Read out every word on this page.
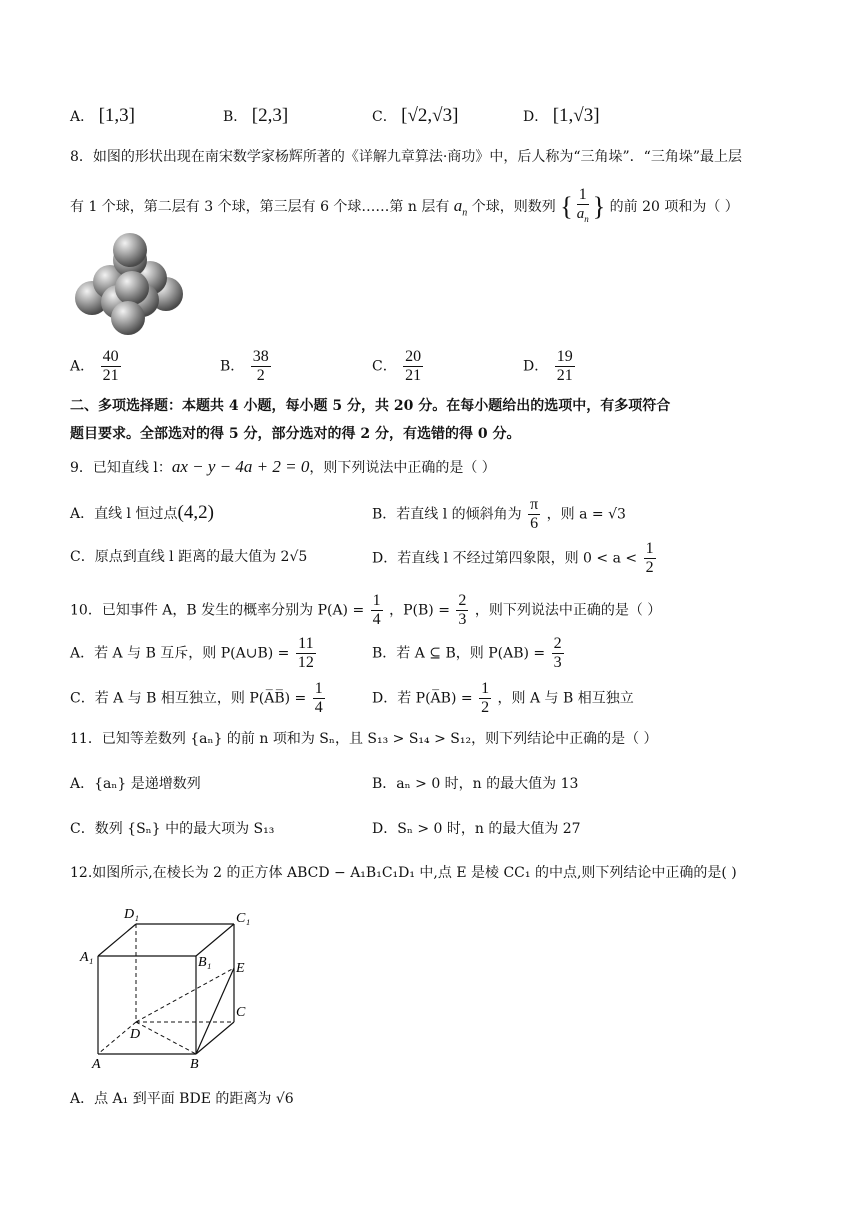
A． [1,3]	B． [2,3]	C． [√2,√3]	D． [1,√3]
8．如图的形状出现在南宋数学家杨辉所著的《详解九章算法·商功》中，后人称为“三角垛”．“三角垛”最上层
有 1 个球，第二层有 3 个球，第三层有 6 个球……第 n 层有 $a_n$ 个球，则数列 { $\frac{1}{a_n}$ } 的前 20 项和为（ ）
A． $\frac{40}{21}$	B． $\frac{38}{2}$	C． $\frac{20}{21}$	D． $\frac{19}{21}$
二、多项选择题：本题共 4 小题，每小题 5 分，共 20 分。在每小题给出的选项中，有多项符合
题目要求。全部选对的得 5 分，部分选对的得 2 分，有选错的得 0 分。
9．已知直线 l：ax − y − 4a + 2 = 0，则下列说法中正确的是（ ）
A．直线 l 恒过点(4,2)	B．若直线 l 的倾斜角为 $\frac{\pi}{6}$ ，则 a = √3
C．原点到直线 l 距离的最大值为 2√5	D．若直线 l 不经过第四象限，则 $0 < a < \frac{1}{2}$
10．已知事件 A，B 发生的概率分别为 $P(A) = \frac{1}{4}$ ，$P(B) = \frac{2}{3}$ ，则下列说法中正确的是（ ）
A．若 A 与 B 互斥，则 P(A∪B) = $\frac{11}{12}$	B．若 A ⊆ B，则 $P(AB) = \frac{2}{3}$
C．若 A 与 B 相互独立，则 P(A̅B̅) = $\frac{1}{4}$	D．若 P(A̅B) = $\frac{1}{2}$ ，则 A 与 B 相互独立
11．已知等差数列 {aₙ} 的前 n 项和为 Sₙ，且 S₁₃ > S₁₄ > S₁₂，则下列结论中正确的是（ ）
A．{aₙ} 是递增数列	B．aₙ > 0 时，n 的最大值为 13
C．数列 {Sₙ} 中的最大项为 S₁₃	D．Sₙ > 0 时，n 的最大值为 27
12.如图所示,在棱长为 2 的正方体 ABCD − A₁B₁C₁D₁ 中,点 E 是棱 CC₁ 的中点,则下列结论中正确的是( )
D₁	C₁
A₁	B₁ E
D
C
A	B
A．点 A₁ 到平面 BDE 的距离为 √6
